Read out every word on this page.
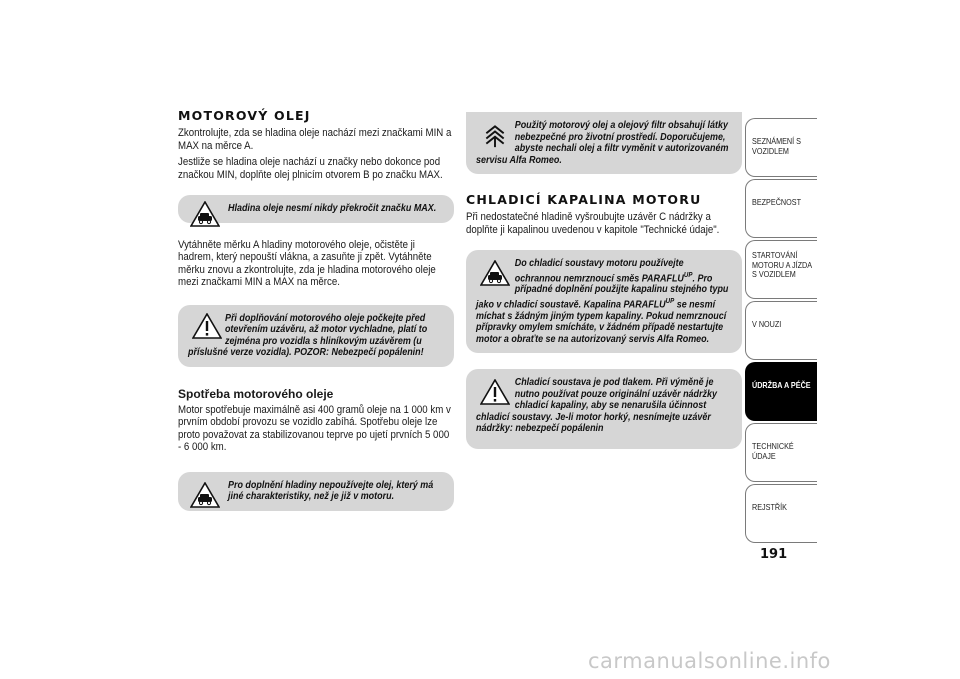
MOTOROVÝ OLEJ

Zkontrolujte, zda se hladina oleje nachází mezi značkami MIN a MAX na měrce A.

Jestliže se hladina oleje nachází u značky nebo dokonce pod značkou MIN, doplňte olej plnicím otvorem B po značku MAX.

Hladina oleje nesmí nikdy překročit značku MAX.

Vytáhněte měrku A hladiny motorového oleje, očistěte ji hadrem, který nepouští vlákna, a zasuňte ji zpět. Vytáhněte měrku znovu a zkontrolujte, zda je hladina motorového oleje mezi značkami MIN a MAX na měrce.

Při doplňování motorového oleje počkejte před otevřením uzávěru, až motor vychladne, platí to zejména pro vozidla s hliníkovým uzávěrem (u příslušné verze vozidla). POZOR: Nebezpečí popálenin!
Spotřeba motorového oleje

Motor spotřebuje maximálně asi 400 gramů oleje na 1 000 km v prvním období provozu se vozidlo zabíhá. Spotřebu oleje lze proto považovat za stabilizovanou teprve po ujetí prvních 5 000 - 6 000 km.

Pro doplnění hladiny nepoužívejte olej, který má jiné charakteristiky, než je již v motoru.
Použitý motorový olej a olejový filtr obsahují látky nebezpečné pro životní prostředí. Doporučujeme, abyste nechali olej a filtr vyměnit v autorizovaném servisu Alfa Romeo.
CHLADICÍ KAPALINA MOTORU

Při nedostatečné hladině vyšroubujte uzávěr C nádržky a doplňte ji kapalinou uvedenou v kapitole "Technické údaje".

Do chladicí soustavy motoru používejte ochrannou nemrznoucí směs $PARAFLU^{UP}$. Pro případné doplnění použijte kapalinu stejného typu jako v chladicí soustavě. Kapalina $PARAFLU^{UP}$ se nesmí míchat s žádným jiným typem kapaliny. Pokud nemrznoucí přípravky omylem smícháte, v žádném případě nestartujte motor a obraťte se na autorizovaný servis Alfa Romeo.
Chladicí soustava je pod tlakem. Při výměně je nutno používat pouze originální uzávěr nádržky chladicí kapaliny, aby se nenarušila účinnost chladicí soustavy. Je-li motor horký, nesnímejte uzávěr nádržky: nebezpečí popálenin
SEZNÁMENÍ S VOZIDLEM
BEZPEČNOST
STARTOVÁNÍ MOTORU A JÍZDA S VOZIDLEM
V NOUZI
ÚDRŽBA A PÉČE
TECHNICKÉ ÚDAJE
REJSTŘÍK
191
carmanualsonline.info
